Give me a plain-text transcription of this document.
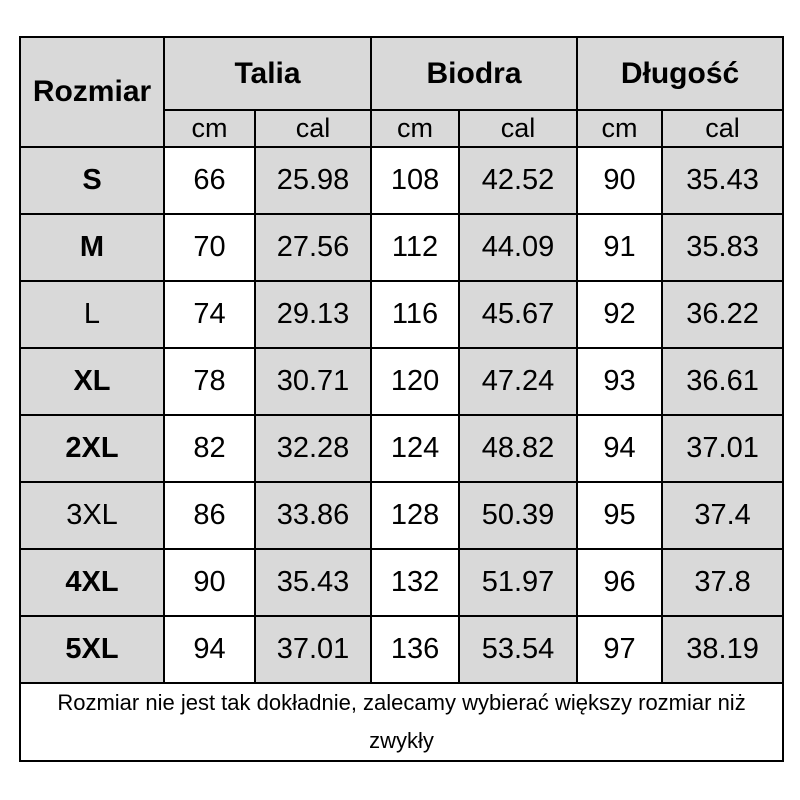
Rozmiar	Talia		Biodra		Długość	
	cm	cal	cm	cal	cm	cal
S	66	25.98	108	42.52	90	35.43
M	70	27.56	112	44.09	91	35.83
L	74	29.13	116	45.67	92	36.22
XL	78	30.71	120	47.24	93	36.61
2XL	82	32.28	124	48.82	94	37.01
3XL	86	33.86	128	50.39	95	37.4
4XL	90	35.43	132	51.97	96	37.8
5XL	94	37.01	136	53.54	97	38.19
Rozmiar nie jest tak dokładnie, zalecamy wybierać większy rozmiar niż zwykły						
